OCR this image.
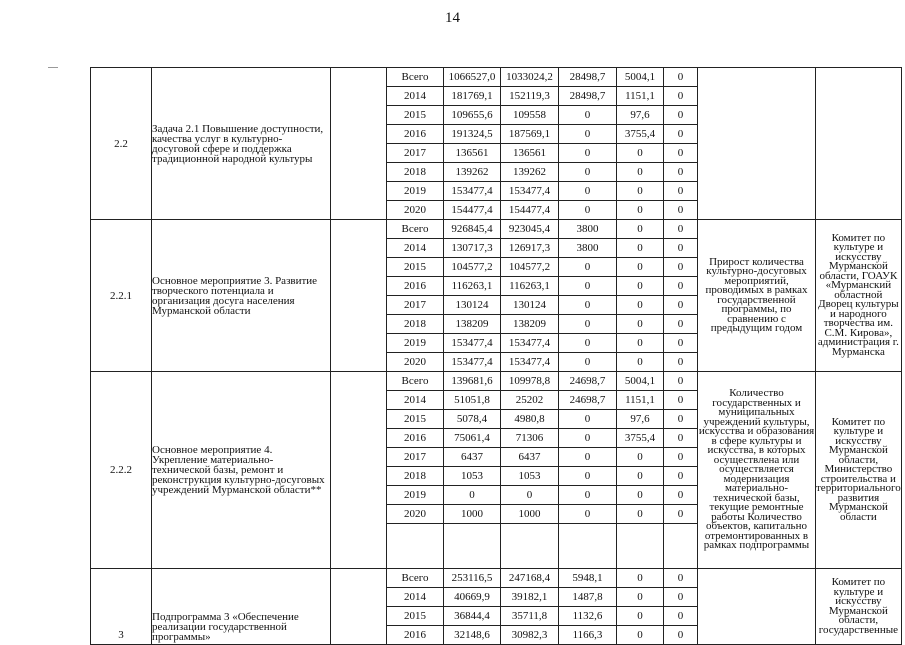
14
2.2	Задача 2.1 Повышение доступности, качества услуг в культурно-досуговой сфере и поддержка традиционной народной культуры		Всего	1066527,0	1033024,2	28498,7	5004,1	0		
			2014	181769,1	152119,3	28498,7	1151,1	0		
			2015	109655,6	109558	0	97,6	0		
			2016	191324,5	187569,1	0	3755,4	0		
			2017	136561	136561	0	0	0		
			2018	139262	139262	0	0	0		
			2019	153477,4	153477,4	0	0	0		
			2020	154477,4	154477,4	0	0	0		
2.2.1	Основное мероприятие 3. Развитие творческого потенциала и организация досуга населения Мурманской области		Всего	926845,4	923045,4	3800	0	0	Прирост количества культурно-досуговых мероприятий, проводимых в рамках государственной программы, по сравнению с предыдущим годом	Комитет по культуре и искусству Мурманской области, ГОАУК «Мурманский областной Дворец культуры и народного творчества им. С.М. Кирова», администрация г. Мурманска
			2014	130717,3	126917,3	3800	0	0		
			2015	104577,2	104577,2	0	0	0		
			2016	116263,1	116263,1	0	0	0		
			2017	130124	130124	0	0	0		
			2018	138209	138209	0	0	0		
			2019	153477,4	153477,4	0	0	0		
			2020	153477,4	153477,4	0	0	0		
2.2.2	Основное мероприятие 4. Укрепление материально-технической базы, ремонт и реконструкция культурно-досуговых учреждений Мурманской области**		Всего	139681,6	109978,8	24698,7	5004,1	0	Количество государственных и муниципальных учреждений культуры, искусства и образования в сфере культуры и искусства, в которых осуществлена или осуществляется модернизация материально-технической базы, текущие ремонтные работы Количество объектов, капитально отремонтированных в рамках подпрограммы	Комитет по культуре и искусству Мурманской области, Министерство строительства и территориального развития Мурманской области
			2014	51051,8	25202	24698,7	1151,1	0		
			2015	5078,4	4980,8	0	97,6	0		
			2016	75061,4	71306	0	3755,4	0		
			2017	6437	6437	0	0	0		
			2018	1053	1053	0	0	0		
			2019	0	0	0	0	0		
			2020	1000	1000	0	0	0		

3	Подпрограмма 3 «Обеспечение реализации государственной программы»		Всего	253116,5	247168,4	5948,1	0	0		Комитет по культуре и искусству Мурманской области, государственные
			2014	40669,9	39182,1	1487,8	0	0		
			2015	36844,4	35711,8	1132,6	0	0		
			2016	32148,6	30982,3	1166,3	0	0		
